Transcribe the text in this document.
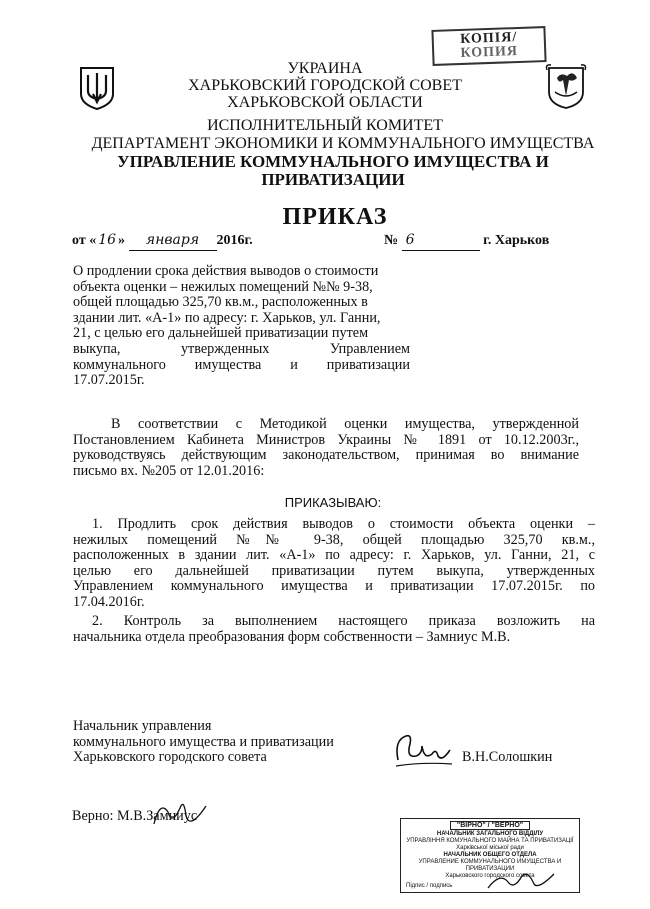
КОПІЯ/
КОПИЯ
УКРАИНА
ХАРЬКОВСКИЙ ГОРОДСКОЙ СОВЕТ
ХАРЬКОВСКОЙ ОБЛАСТИ
ИСПОЛНИТЕЛЬНЫЙ КОМИТЕТ
ДЕПАРТАМЕНТ ЭКОНОМИКИ И КОММУНАЛЬНОГО ИМУЩЕСТВА
УПРАВЛЕНИЕ КОММУНАЛЬНОГО ИМУЩЕСТВА И
ПРИВАТИЗАЦИИ
ПРИКАЗ
от « 16 » января 2016г.	№ 6	г. Харьков
О продлении срока действия выводов о стоимости
объекта оценки – нежилых помещений №№ 9-38,
общей площадью 325,70 кв.м., расположенных в
здании лит. «А-1» по адресу: г. Харьков, ул. Ганни,
21, с целью его дальнейшей приватизации путем
выкупа, утвержденных Управлением
коммунального имущества и приватизации
17.07.2015г.
В соответствии с Методикой оценки имущества, утвержденной
Постановлением Кабинета Министров Украины № 1891 от 10.12.2003г.,
руководствуясь действующим законодательством, принимая во внимание
письмо вх. №205 от 12.01.2016:
ПРИКАЗЫВАЮ:
1. Продлить срок действия выводов о стоимости объекта оценки –
нежилых помещений №№ 9-38, общей площадью 325,70 кв.м.,
расположенных в здании лит. «А-1» по адресу: г. Харьков, ул. Ганни, 21, с
целью его дальнейшей приватизации путем выкупа, утвержденных
Управлением коммунального имущества и приватизации 17.07.2015г. по
17.04.2016г.
2. Контроль за выполнением настоящего приказа возложить на
начальника отдела преобразования форм собственности – Замниус М.В.
Начальник управления
коммунального имущества и приватизации
Харьковского городского совета	В.Н.Солошкин
Верно: М.В.Замниус
"ВІРНО" / "ВЕРНО"
НАЧАЛЬНИК ЗАГАЛЬНОГО ВІДДІЛУ
УПРАВЛІННЯ КОМУНАЛЬНОГО МАЙНА ТА ПРИВАТИЗАЦІЇ
Харківської міської ради
НАЧАЛЬНИК ОБЩЕГО ОТДЕЛА
УПРАВЛЕНИЕ КОММУНАЛЬНОГО ИМУЩЕСТВА И ПРИВАТИЗАЦИИ
Харьковского городского совета
Підпис / подпись
